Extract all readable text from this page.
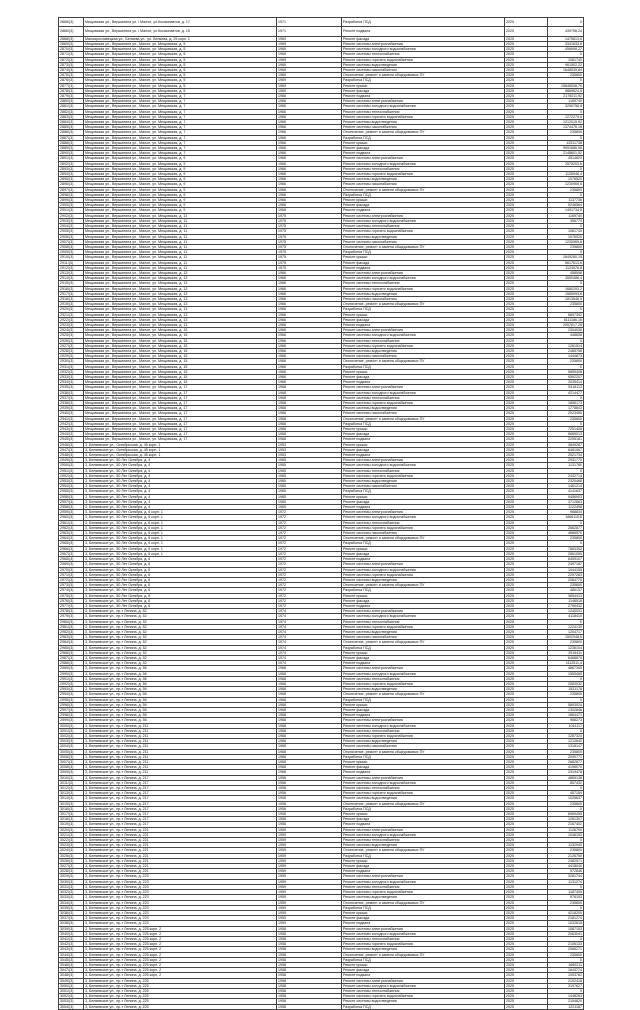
2866/(3)	Мещовская ул., Вершинина ул. / Малое, ул.Космонавтов, д. 17	1971	Разработка ПСД	2025	0
2866/(3)	Мещовская ул., Вершинина ул. / Малое, ул.Космонавтов, д. 15	1971	Ремонт подвала	2025	439758,24
2868/(3)	Малоярославецкая ул., Беляева ул., ул. Беляева, д. 25 корп. 1	1969	Ремонт фасада	2025	1475813,6
2869/(3)	Мещовская ул., Вершинина ул., Малое, ул. Мещовская, д. 5	1969	Ремонт системы электроснабжения	2025	3341633,6
2870/(3)	Мещовская ул., Вершинина ул., Малое, ул. Мещовская, д. 5	1969	Ремонт системы холодного водоснабжения	2025	456698,27
2871/(3)	Мещовская ул., Вершинина ул., Малое, ул. Мещовская, д. 5	1969	Ремонт системы теплоснабжения	2025	0
2872/(3)	Мещовская ул., Вершинина ул., Малое, ул. Мещовская, д. 5	1969	Ремонт системы горячего водоснабжения	2025	1081740
2873/(3)	Мещовская ул., Вершинина ул., Малое, ул. Мещовская, д. 5	1969	Ремонт системы водоотведения	2025	961502,22
2874/(3)	Мещовская ул., Вершинина ул., Малое, ул. Мещовская, д. 5	1969	Ремонт системы газоснабжения	2025	1648539,84
2875/(3)	Мещовская ул., Вершинина ул., Малое, ул. Мещовская, д. 5	1969	Отключение, ремонт и замена общедомовых ПУ	2025	235800
2876/(3)	Мещовская ул., Вершинина ул., Малое, ул. Мещовская, д. 5	1969	Разработка ПСД	2025	0
2877/(3)	Мещовская ул., Вершинина ул., Малое, ул. Мещовская, д. 5	1969	Ремонт крыши	2025	15846538,76
2878/(3)	Мещовская ул., Вершинина ул., Малое, ул. Мещовская, д. 5	1969	Ремонт фасада	2025	9869624,6
2879/(3)	Мещовская ул., Вершинина ул., Малое, ул. Мещовская, д. 7	1966	Ремонт подвала	2025	2176011,92
2880/(3)	Мещовская ул., Вершинина ул., Малое, ул. Мещовская, д. 7	1966	Ремонт системы электроснабжения	2025	1169740
2881/(3)	Мещовская ул., Вершинина ул., Малое, ул. Мещовская, д. 7	1966	Ремонт системы холодного водоснабжения	2025	3250758,8
2882/(3)	Мещовская ул., Вершинина ул., Малое, ул. Мещовская, д. 7	1966	Ремонт системы теплоснабжения	2025	0
2883/(3)	Мещовская ул., Вершинина ул., Малое, ул. Мещовская, д. 7	1966	Ремонт системы горячего водоснабжения	2025	1272275,6
2884/(3)	Мещовская ул., Вершинина ул., Малое, ул. Мещовская, д. 7	1966	Ремонт системы водоотведения	2025	1212015,92
2885/(3)	Мещовская ул., Вершинина ул., Малое, ул. Мещовская, д. 7	1966	Ремонт системы газоснабжения	2025	1374476,16
2886/(3)	Мещовская ул., Вершинина ул., Малое, ул. Мещовская, д. 7	1966	Отключение, ремонт и замена общедомовых ПУ	2025	235800
2887/(3)	Мещовская ул., Вершинина ул., Малое, ул. Мещовская, д. 7	1966	Разработка ПСД	2025	0
2888/(3)	Мещовская ул., Вершинина ул., Малое, ул. Мещовская, д. 7	1966	Ремонт крыши	2025	12511738
2889/(3)	Мещовская ул., Вершинина ул., Малое, ул. Мещовская, д. 7	1966	Ремонт фасада	2025	9591686,96
2890/(3)	Мещовская ул., Вершинина ул., Малое, ул. Мещовская, д. 7	1966	Ремонт подвала	2025	2148601,52
2891/(3)	Мещовская ул., Вершинина ул., Малое, ул. Мещовская, д. 9	1966	Ремонт системы электроснабжения	2025	4514823
2892/(3)	Мещовская ул., Вершинина ул., Малое, ул. Мещовская, д. 9	1966	Ремонт системы холодного водоснабжения	2025	2575203,6
2893/(3)	Мещовская ул., Вершинина ул., Малое, ул. Мещовская, д. 9	1966	Ремонт системы теплоснабжения	2025	0
2894/(3)	Мещовская ул., Вершинина ул., Малое, ул. Мещовская, д. 9	1966	Ремонт системы горячего водоснабжения	2025	1126946,4
2895/(3)	Мещовская ул., Вершинина ул., Малое, ул. Мещовская, д. 9	1966	Ремонт системы водоотведения	2025	1076520
2896/(3)	Мещовская ул., Вершинина ул., Малое, ул. Мещовская, д. 9	1966	Ремонт системы газоснабжения	2025	1230969,6
2897/(3)	Мещовская ул., Вершинина ул., Малое, ул. Мещовская, д. 9	1966	Отключение, ремонт и замена общедомовых ПУ	2025	235800
2898/(3)	Мещовская ул., Вершинина ул., Малое, ул. Мещовская, д. 9	1966	Разработка ПСД	2025	0
2899/(3)	Мещовская ул., Вершинина ул., Малое, ул. Мещовская, д. 9	1966	Ремонт крыши	2025	1137736
2900/(3)	Мещовская ул., Вершинина ул., Малое, ул. Мещовская, д. 9	1966	Ремонт фасада	2025	5246564
2901/(3)	Мещовская ул., Вершинина ул., Малое, ул. Мещовская, д. 9	1966	Ремонт подвала	2025	1491734,8
2902/(3)	Мещовская ул., Вершинина ул., Малое, ул. Мещовская, д. 11	1975	Ремонт системы электроснабжения	2025	1169740
2903/(3)	Мещовская ул., Вершинина ул., Малое, ул. Мещовская, д. 11	1975	Ремонт системы холодного водоснабжения	2025	356770
2904/(3)	Мещовская ул., Вершинина ул., Малое, ул. Мещовская, д. 11	1975	Ремонт системы теплоснабжения	2025	0
2905/(3)	Мещовская ул., Вершинина ул., Малое, ул. Мещовская, д. 11	1975	Ремонт системы горячего водоснабжения	2025	1081740
2906/(3)	Мещовская ул., Вершинина ул., Малое, ул. Мещовская, д. 11	1975	Ремонт системы водоотведения	2025	1076520
2907/(3)	Мещовская ул., Вершинина ул., Малое, ул. Мещовская, д. 11	1975	Ремонт системы газоснабжения	2025	1230969,6
2908/(3)	Мещовская ул., Вершинина ул., Малое, ул. Мещовская, д. 11	1975	Отключение, ремонт и замена общедомовых ПУ	2025	235800
2909/(3)	Мещовская ул., Вершинина ул., Малое, ул. Мещовская, д. 11	1975	Разработка ПСД	2025	0
2910/(3)	Мещовская ул., Вершинина ул., Малое, ул. Мещовская, д. 11	1975	Ремонт крыши	2025	1849280,15
2911/(3)	Мещовская ул., Вершинина ул., Малое, ул. Мещовская, д. 11	1975	Ремонт фасада	2025	5617613,6
2912/(3)	Мещовская ул., Вершинина ул., Малое, ул. Мещовская, д. 11	1975	Ремонт подвала	2025	1124976,8
2913/(3)	Мещовская ул., Вершинина ул., Малое, ул. Мещовская, д. 13	1966	Ремонт системы электроснабжения	2025	458598
2914/(3)	Мещовская ул., Вершинина ул., Малое, ул. Мещовская, д. 13	1966	Ремонт системы холодного водоснабжения	2025	3550486,4
2915/(3)	Мещовская ул., Вершинина ул., Малое, ул. Мещовская, д. 13	1966	Ремонт системы теплоснабжения	2025	0
2916/(3)	Мещовская ул., Вершинина ул., Малое, ул. Мещовская, д. 13	1966	Ремонт системы горячего водоснабжения	2025	1660293,2
2917/(3)	Мещовская ул., Вершинина ул., Малое, ул. Мещовская, д. 13	1966	Ремонт системы водоотведения	2025	1585993,6
2918/(3)	Мещовская ул., Вершинина ул., Малое, ул. Мещовская, д. 13	1966	Ремонт системы газоснабжения	2025	1813646,5
2919/(3)	Мещовская ул., Вершинина ул., Малое, ул. Мещовская, д. 13	1966	Отключение, ремонт и замена общедомовых ПУ	2025	235800
2920/(3)	Мещовская ул., Вершинина ул., Малое, ул. Мещовская, д. 13	1966	Разработка ПСД	2025	0
2921/(3)	Мещовская ул., Вершинина ул., Малое, ул. Мещовская, д. 13	1966	Ремонт крыши	2025	6897392
2922/(3)	Мещовская ул., Вершинина ул., Малое, ул. Мещовская, д. 13	1966	Ремонт фасада	2025	6111186,16
2923/(3)	Мещовская ул., Вершинина ул., Малое, ул. Мещовская, д. 13	1966	Ремонт подвала	2025	2057617,28
2924/(3)	Мещовская ул., Вершинина ул., Малое, ул. Мещовская, д. 15	1966	Ремонт системы электроснабжения	2025	2304036
2925/(3)	Мещовская ул., Вершинина ул., Малое, ул. Мещовская, д. 15	1966	Ремонт системы холодного водоснабжения	2025	448608
2926/(3)	Мещовская ул., Вершинина ул., Малое, ул. Мещовская, д. 15	1966	Ремонт системы теплоснабжения	2025	0
2927/(3)	Мещовская ул., Вершинина ул., Малое, ул. Мещовская, д. 15	1966	Ремонт системы горячего водоснабжения	2025	1261514
2928/(3)	Мещовская ул., Вершинина ул., Малое, ул. Мещовская, д. 15	1966	Ремонт системы водоотведения	2025	2485756
2929/(3)	Мещовская ул., Вершинина ул., Малое, ул. Мещовская, д. 15	1966	Ремонт системы газоснабжения	2025	1444873
2930/(3)	Мещовская ул., Вершинина ул., Малое, ул. Мещовская, д. 15	1966	Отключение, ремонт и замена общедомовых ПУ	2025	235800
2931/(3)	Мещовская ул., Вершинина ул., Малое, ул. Мещовская, д. 15	1966	Разработка ПСД	2025	0
2932/(3)	Мещовская ул., Вершинина ул., Малое, ул. Мещовская, д. 15	1966	Ремонт крыши	2025	5859408
2933/(3)	Мещовская ул., Вершинина ул., Малое, ул. Мещовская, д. 15	1966	Ремонт фасада	2025	9592207
2934/(3)	Мещовская ул., Вершинина ул., Малое, ул. Мещовская, д. 15	1966	Ремонт подвала	2025	2035414
2935/(3)	Мещовская ул., Вершинина ул., Малое, ул. Мещовская, д. 17	1968	Ремонт системы электроснабжения	2025	5316113
2936/(3)	Мещовская ул., Вершинина ул., Малое, ул. Мещовская, д. 17	1968	Ремонт системы холодного водоснабжения	2025	4214477
2937/(3)	Мещовская ул., Вершинина ул., Малое, ул. Мещовская, д. 17	1968	Ремонт системы теплоснабжения	2025	0
2938/(3)	Мещовская ул., Вершинина ул., Малое, ул. Мещовская, д. 17	1968	Ремонт системы горячего водоснабжения	2025	1856173
2939/(3)	Мещовская ул., Вершинина ул., Малое, ул. Мещовская, д. 17	1968	Ремонт системы водоотведения	2025	1778643
2940/(3)	Мещовская ул., Вершинина ул., Малое, ул. Мещовская, д. 17	1968	Ремонт системы газоснабжения	2025	2023450
2941/(3)	Мещовская ул., Вершинина ул., Малое, ул. Мещовская, д. 17	1968	Отключение, ремонт и замена общедомовых ПУ	2025	235800
2942/(3)	Мещовская ул., Вершинина ул., Малое, ул. Мещовская, д. 17	1968	Разработка ПСД	2025	0
2943/(3)	Мещовская ул., Вершинина ул., Малое, ул. Мещовская, д. 17	1968	Ремонт крыши	2025	7251408
2944/(3)	Мещовская ул., Вершинина ул., Малое, ул. Мещовская, д. 17	1968	Ремонт фасада	2025	9689013
2945/(3)	Мещовская ул., Вершинина ул., Малое, ул. Мещовская, д. 17	1968	Ремонт подвала	2025	2295161
2946/(3)	3, Беляевское ул., Октябрьская, д. 45 корп. 1	1953	Ремонт крыши	2025	3849287
2947/(3)	3, Беляевское ул., Октябрьская, д. 45 корп. 1	1953	Ремонт фасада	2025	8481067
2948/(3)	3, Беляевское ул., Октябрьская, д. 45 корп. 1	1953	Ремонт подвала	2025	2521734
2949/(3)	3, Беляевское ул., 50 Лет Октября, д. 4	1965	Ремонт системы электроснабжения	2025	2931775
2950/(3)	3, Беляевское ул., 50 Лет Октября, д. 4	1965	Ремонт системы холодного водоснабжения	2025	1131760
2951/(3)	3, Беляевское ул., 50 Лет Октября, д. 4	1965	Ремонт системы теплоснабжения	2025	0
2952/(3)	3, Беляевское ул., 50 Лет Октября, д. 4	1965	Ремонт системы горячего водоснабжения	2025	2432714
2953/(3)	3, Беляевское ул., 50 Лет Октября, д. 4	1965	Ремонт системы водоотведения	2025	2320468
2954/(3)	3, Беляевское ул., 50 Лет Октября, д. 4	1965	Ремонт системы газоснабжения	2025	1461214
2955/(3)	3, Беляевское ул., 50 Лет Октября, д. 4	1965	Разработка ПСД	2025	4141637
2956/(3)	3, Беляевское ул., 50 Лет Октября, д. 4	1965	Ремонт крыши	2025	9456903
2957/(3)	3, Беляевское ул., 50 Лет Октября, д. 4	1965	Ремонт фасада	2025	3712663
2958/(3)	3, Беляевское ул., 50 Лет Октября, д. 4	1965	Ремонт подвала	2025	1122498
2959/(3)	3, Беляевское ул., 50 Лет Октября, д. 6 корп. 1	1972	Ремонт системы электроснабжения	2025	988834
2960/(3)	3, Беляевское ул., 50 Лет Октября, д. 6 корп. 1	1972	Ремонт системы холодного водоснабжения	2025	1866110,8
2961/(3)	3, Беляевское ул., 50 Лет Октября, д. 6 корп. 1	1972	Ремонт системы теплоснабжения	2025	0
2962/(3)	3, Беляевское ул., 50 Лет Октября, д. 6 корп. 1	1972	Ремонт системы горячего водоснабжения	2025	2682877
2963/(3)	3, Беляевское ул., 50 Лет Октября, д. 6 корп. 1	1972	Ремонт системы газоснабжения	2025	4666570
2964/(3)	3, Беляевское ул., 50 Лет Октября, д. 6 корп. 1	1972	Отключение, ремонт и замена общедомовых ПУ	2025	235800
2965/(3)	3, Беляевское ул., 50 Лет Октября, д. 6 корп. 1	1972	Разработка ПСД	2025	0
2966/(3)	3, Беляевское ул., 50 Лет Октября, д. 6 корп. 1	1972	Ремонт крыши	2025	7883352
2967/(3)	3, Беляевское ул., 50 Лет Октября, д. 6 корп. 1	1972	Ремонт фасада	2025	2661090
2968/(3)	3, Беляевское ул., 50 Лет Октября, д. 6	1972	Ремонт подвала	2025	6459107
2969/(3)	3, Беляевское ул., 50 Лет Октября, д. 6	1972	Ремонт системы электроснабжения	2025	2497187
2970/(3)	3, Беляевское ул., 50 Лет Октября, д. 6	1972	Ремонт системы холодного водоснабжения	2025	1044155
2971/(3)	3, Беляевское ул., 50 Лет Октября, д. 6	1972	Ремонт системы горячего водоснабжения	2025	2297283
2972/(3)	3, Беляевское ул., 50 Лет Октября, д. 6	1972	Ремонт системы водоотведения	2025	2084770
2973/(3)	3, Беляевское ул., 50 Лет Октября, д. 6	1972	Отключение, ремонт и замена общедомовых ПУ	2025	235800
2974/(3)	3, Беляевское ул., 50 Лет Октября, д. 6	1972	Разработка ПСД	2025	480137
2975/(3)	3, Беляевское ул., 50 Лет Октября, д. 6	1972	Ремонт крыши	2025	3654413
2976/(3)	3, Беляевское ул., 50 Лет Октября, д. 6	1972	Ремонт фасада	2025	1148518
2977/(3)	3, Беляевское ул., 50 Лет Октября, д. 6	1972	Ремонт подвала	2025	2799432
2978/(3)	3, Беляевское ул., пр-т Ленина, д. 52	1974	Ремонт системы электроснабжения	2025	1240031
2979/(3)	3, Беляевское ул., пр-т Ленина, д. 52	1974	Ремонт системы холодного водоснабжения	2025	4118410
2980/(3)	3, Беляевское ул., пр-т Ленина, д. 52	1974	Ремонт системы теплоснабжения	2025	0
2981/(3)	3, Беляевское ул., пр-т Ленина, д. 52	1974	Ремонт системы горячего водоснабжения	2025	1224139
2982/(3)	3, Беляевское ул., пр-т Ленина, д. 52	1974	Ремонт системы водоотведения	2025	1204717
2983/(3)	3, Беляевское ул., пр-т Ленина, д. 52	1974	Ремонт системы газоснабжения	2025	1502948,6
2984/(3)	3, Беляевское ул., пр-т Ленина, д. 52	1974	Отключение, ремонт и замена общедомовых ПУ	2025	235800
2985/(3)	3, Беляевское ул., пр-т Ленина, д. 52	1974	Разработка ПСД	2025	1236104
2986/(3)	3, Беляевское ул., пр-т Ленина, д. 52	1974	Ремонт крыши	2025	2916411
2987/(3)	3, Беляевское ул., пр-т Ленина, д. 52	1974	Ремонт фасада	2025	6468870
2988/(3)	3, Беляевское ул., пр-т Ленина, д. 52	1974	Ремонт подвала	2025	1112511,4
2989/(3)	3, Беляевское ул., пр-т Ленина, д. 56	1968	Ремонт системы электроснабжения	2025	4867305
2990/(3)	3, Беляевское ул., пр-т Ленина, д. 56	1968	Ремонт системы холодного водоснабжения	2025	1553480
2991/(3)	3, Беляевское ул., пр-т Ленина, д. 56	1968	Ремонт системы теплоснабжения	2025	0
2992/(3)	3, Беляевское ул., пр-т Ленина, д. 56	1968	Ремонт системы горячего водоснабжения	2025	2083032
2993/(3)	3, Беляевское ул., пр-т Ленина, д. 56	1968	Ремонт системы водоотведения	2025	1531178
2994/(3)	3, Беляевское ул., пр-т Ленина, д. 56	1968	Отключение, ремонт и замена общедомовых ПУ	2025	235800
2995/(3)	3, Беляевское ул., пр-т Ленина, д. 56	1968	Разработка ПСД	2025	0
2996/(3)	3, Беляевское ул., пр-т Ленина, д. 56	1968	Ремонт крыши	2025	5893024
2997/(3)	3, Беляевское ул., пр-т Ленина, д. 56	1968	Ремонт фасада	2025	1302846
2998/(3)	3, Беляевское ул., пр-т Ленина, д. 56	1968	Ремонт подвала	2025	1664471
2999/(3)	3, Беляевское ул., пр-т Ленина, д. 56	1968	Ремонт системы электроснабжения	2025	968273
3000/(3)	3, Беляевское ул., пр-т Ленина, д. 211	1968	Ремонт системы холодного водоснабжения	2025	1041117
3001/(3)	3, Беляевское ул., пр-т Ленина, д. 211	1968	Ремонт системы теплоснабжения	2025	0
3002/(3)	3, Беляевское ул., пр-т Ленина, д. 211	1968	Ремонт системы горячего водоснабжения	2025	1287324
3003/(3)	3, Беляевское ул., пр-т Ленина, д. 211	1968	Ремонт системы водоотведения	2025	1213640
3004/(3)	3, Беляевское ул., пр-т Ленина, д. 211	1968	Ремонт системы газоснабжения	2025	1318147
3005/(3)	3, Беляевское ул., пр-т Ленина, д. 211	1968	Отключение, ремонт и замена общедомовых ПУ	2025	235800
3006/(3)	3, Беляевское ул., пр-т Ленина, д. 211	1968	Разработка ПСД	2025	2090771
3007/(3)	3, Беляевское ул., пр-т Ленина, д. 211	1968	Ремонт крыши	2025	2682877
3008/(3)	3, Беляевское ул., пр-т Ленина, д. 211	1968	Ремонт фасада	2025	4196070
3009/(3)	3, Беляевское ул., пр-т Ленина, д. 211	1968	Ремонт подвала	2025	2319478
3010/(3)	3, Беляевское ул., пр-т Ленина, д. 217	1956	Ремонт системы электроснабжения	2025	4869138
3011/(3)	3, Беляевское ул., пр-т Ленина, д. 217	1956	Ремонт системы холодного водоснабжения	2025	857432
3012/(3)	3, Беляевское ул., пр-т Ленина, д. 217	1956	Ремонт системы теплоснабжения	2025	0
3013/(3)	3, Беляевское ул., пр-т Ленина, д. 217	1956	Ремонт системы горячего водоснабжения	2025	457154
3014/(3)	3, Беляевское ул., пр-т Ленина, д. 217	1956	Ремонт системы водоотведения	2025	1025637
3015/(3)	3, Беляевское ул., пр-т Ленина, д. 217	1956	Отключение, ремонт и замена общедомовых ПУ	2025	235800
3016/(3)	3, Беляевское ул., пр-т Ленина, д. 217	1956	Разработка ПСД	2025	0
3017/(3)	3, Беляевское ул., пр-т Ленина, д. 217	1956	Ремонт крыши	2025	6069455
3018/(3)	3, Беляевское ул., пр-т Ленина, д. 217	1956	Ремонт фасада	2025	1281307
3019/(3)	3, Беляевское ул., пр-т Ленина, д. 217	1956	Ремонт подвала	2025	2167402
3020/(3)	3, Беляевское ул., пр-т Ленина, д. 221	1959	Ремонт системы электроснабжения	2025	1126700
3021/(3)	3, Беляевское ул., пр-т Ленина, д. 221	1959	Ремонт системы холодного водоснабжения	2025	1046153
3022/(3)	3, Беляевское ул., пр-т Ленина, д. 221	1959	Ремонт системы теплоснабжения	2025	0
3023/(3)	3, Беляевское ул., пр-т Ленина, д. 221	1959	Ремонт системы водоотведения	2025	1132940
3024/(3)	3, Беляевское ул., пр-т Ленина, д. 221	1959	Отключение, ремонт и замена общедомовых ПУ	2025	235800
3025/(3)	3, Беляевское ул., пр-т Ленина, д. 221	1959	Разработка ПСД	2025	2126750
3026/(3)	3, Беляевское ул., пр-т Ленина, д. 221	1959	Ремонт крыши	2025	2482571
3027/(3)	3, Беляевское ул., пр-т Ленина, д. 221	1959	Ремонт фасада	2025	4418040
3028/(3)	3, Беляевское ул., пр-т Ленина, д. 221	1959	Ремонт подвала	2025	972846
3029/(3)	3, Беляевское ул., пр-т Ленина, д. 223	1959	Ремонт системы электроснабжения	2025	3281744
3030/(3)	3, Беляевское ул., пр-т Ленина, д. 223	1959	Ремонт системы холодного водоснабжения	2025	1131274
3031/(3)	3, Беляевское ул., пр-т Ленина, д. 223	1959	Ремонт системы теплоснабжения	2025	0
3032/(3)	3, Беляевское ул., пр-т Ленина, д. 223	1959	Ремонт системы горячего водоснабжения	2025	1187405
3033/(3)	3, Беляевское ул., пр-т Ленина, д. 223	1959	Ремонт системы водоотведения	2025	976153
3034/(3)	3, Беляевское ул., пр-т Ленина, д. 223	1959	Отключение, ремонт и замена общедомовых ПУ	2025	235800
3035/(3)	3, Беляевское ул., пр-т Ленина, д. 223	1959	Разработка ПСД	2025	0
3036/(3)	3, Беляевское ул., пр-т Ленина, д. 223	1959	Ремонт крыши	2025	4218200
3037/(3)	3, Беляевское ул., пр-т Ленина, д. 223	1959	Ремонт фасада	2025	2181274
3038/(3)	3, Беляевское ул., пр-т Ленина, д. 223	1959	Ремонт подвала	2025	1032618
3039/(3)	3, Беляевское ул., пр-т Ленина, д. 225 корп. 2	1958	Ремонт системы электроснабжения	2025	1087153
3040/(3)	3, Беляевское ул., пр-т Ленина, д. 225 корп. 2	1958	Ремонт системы холодного водоснабжения	2025	2063041
3041/(3)	3, Беляевское ул., пр-т Ленина, д. 225 корп. 2	1958	Ремонт системы теплоснабжения	2025	0
3042/(3)	3, Беляевское ул., пр-т Ленина, д. 225 корп. 2	1958	Ремонт системы горячего водоснабжения	2025	2106133
3043/(3)	3, Беляевское ул., пр-т Ленина, д. 225 корп. 2	1958	Ремонт системы водоотведения	2025	2066271
3044/(3)	3, Беляевское ул., пр-т Ленина, д. 225 корп. 2	1958	Отключение, ремонт и замена общедомовых ПУ	2025	235800
3045/(3)	3, Беляевское ул., пр-т Ленина, д. 225 корп. 2	1958	Разработка ПСД	2025	0
3046/(3)	3, Беляевское ул., пр-т Ленина, д. 225 корп. 2	1958	Ремонт крыши	2025	1680211
3047/(3)	3, Беляевское ул., пр-т Ленина, д. 225 корп. 2	1958	Ремонт фасада	2025	1643774
3048/(3)	3, Беляевское ул., пр-т Ленина, д. 225 корп. 2	1958	Ремонт подвала	2025	1093762
3049/(3)	3, Беляевское ул., пр-т Ленина, д. 225	1958	Ремонт системы электроснабжения	2025	2102418
3050/(3)	3, Беляевское ул., пр-т Ленина, д. 225	1958	Ремонт системы холодного водоснабжения	2025	3197627
3051/(3)	3, Беляевское ул., пр-т Ленина, д. 225	1958	Ремонт системы теплоснабжения	2025	0
3052/(3)	3, Беляевское ул., пр-т Ленина, д. 225	1958	Ремонт системы горячего водоснабжения	2025	1448263
3053/(3)	3, Беляевское ул., пр-т Ленина, д. 225	1958	Ремонт системы водоотведения	2025	2154820
3054/(3)	3, Беляевское ул., пр-т Ленина, д. 225	1958	Разработка ПСД	2025	1221187
